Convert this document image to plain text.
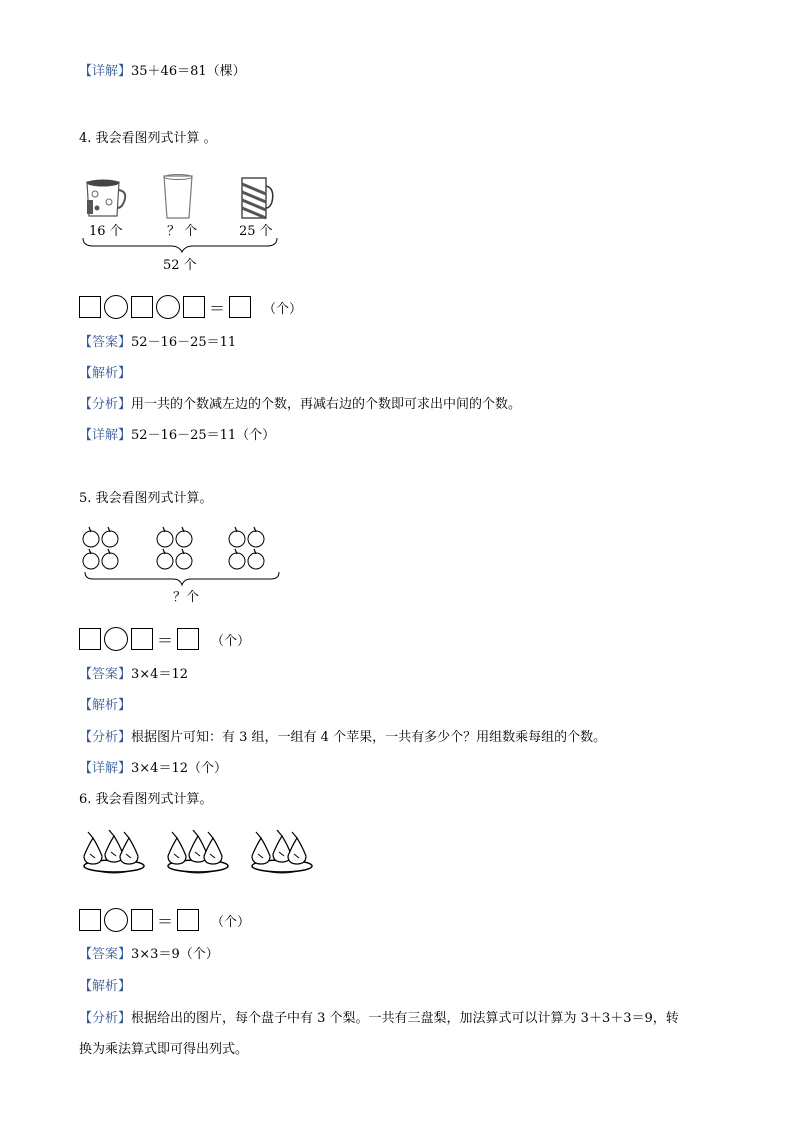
【详解】35＋46＝81（棵）
4. 我会看图列式计算 。
16 个	？ 个	25 个
52 个
＝	（个）
【答案】52－16－25＝11
【解析】
【分析】用一共的个数减左边的个数，再减右边的个数即可求出中间的个数。
【详解】52－16－25＝11（个）
5. 我会看图列式计算。
？个
＝	（个）
【答案】3×4＝12
【解析】
【分析】根据图片可知：有 3 组，一组有 4 个苹果，一共有多少个？用组数乘每组的个数。
【详解】3×4＝12（个）
6. 我会看图列式计算。
＝	（个）
【答案】3×3＝9（个）
【解析】
【分析】根据给出的图片，每个盘子中有 3 个梨。一共有三盘梨，加法算式可以计算为 3＋3＋3＝9，转
换为乘法算式即可得出列式。
